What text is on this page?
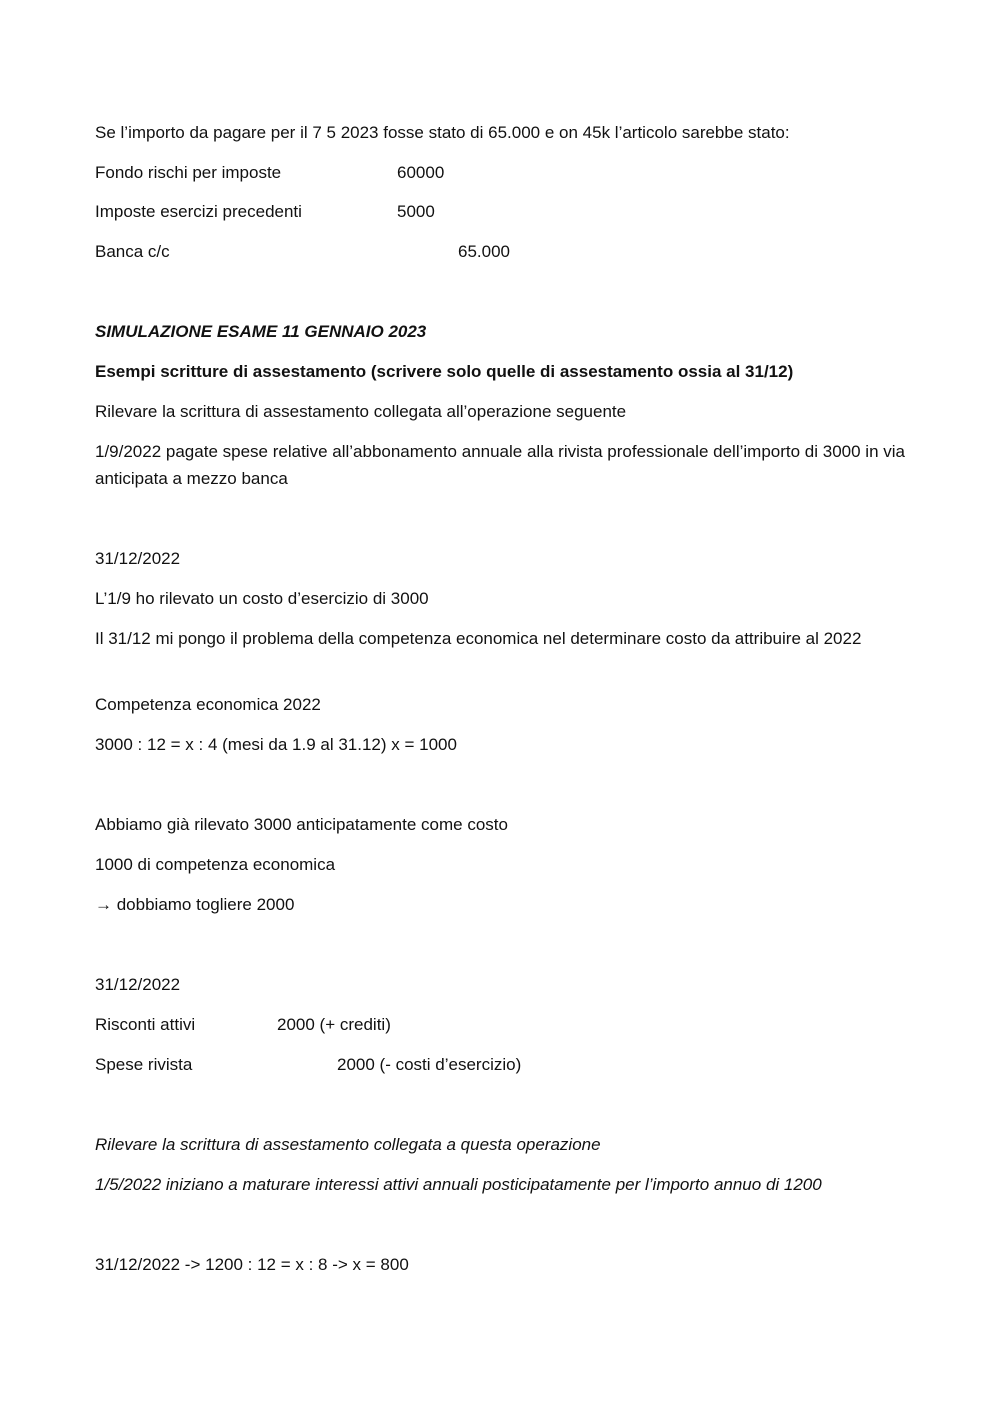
Se l’importo da pagare per il 7 5 2023 fosse stato di 65.000 e on 45k l’articolo sarebbe stato:
Fondo rischi per imposte	60000
Imposte esercizi precedenti	5000
Banca c/c	65.000
SIMULAZIONE ESAME 11 GENNAIO 2023
Esempi scritture di assestamento (scrivere solo quelle di assestamento ossia al 31/12)
Rilevare la scrittura di assestamento collegata all’operazione seguente
1/9/2022 pagate spese relative all’abbonamento annuale alla rivista professionale dell’importo di 3000 in via anticipata a mezzo banca
31/12/2022
L’1/9 ho rilevato un costo d’esercizio di 3000
Il 31/12 mi pongo il problema della competenza economica nel determinare costo da attribuire al 2022
Competenza economica 2022
3000 : 12 = x : 4 (mesi da 1.9 al 31.12) x = 1000
Abbiamo già rilevato 3000 anticipatamente come costo
1000 di competenza economica
→ dobbiamo togliere 2000
31/12/2022
Risconti attivi	2000 (+ crediti)
Spese rivista	2000 (- costi d’esercizio)
Rilevare la scrittura di assestamento collegata a questa operazione
1/5/2022 iniziano a maturare interessi attivi annuali posticipatamente per l’importo annuo di 1200
31/12/2022 -> 1200 : 12 = x : 8 -> x = 800
